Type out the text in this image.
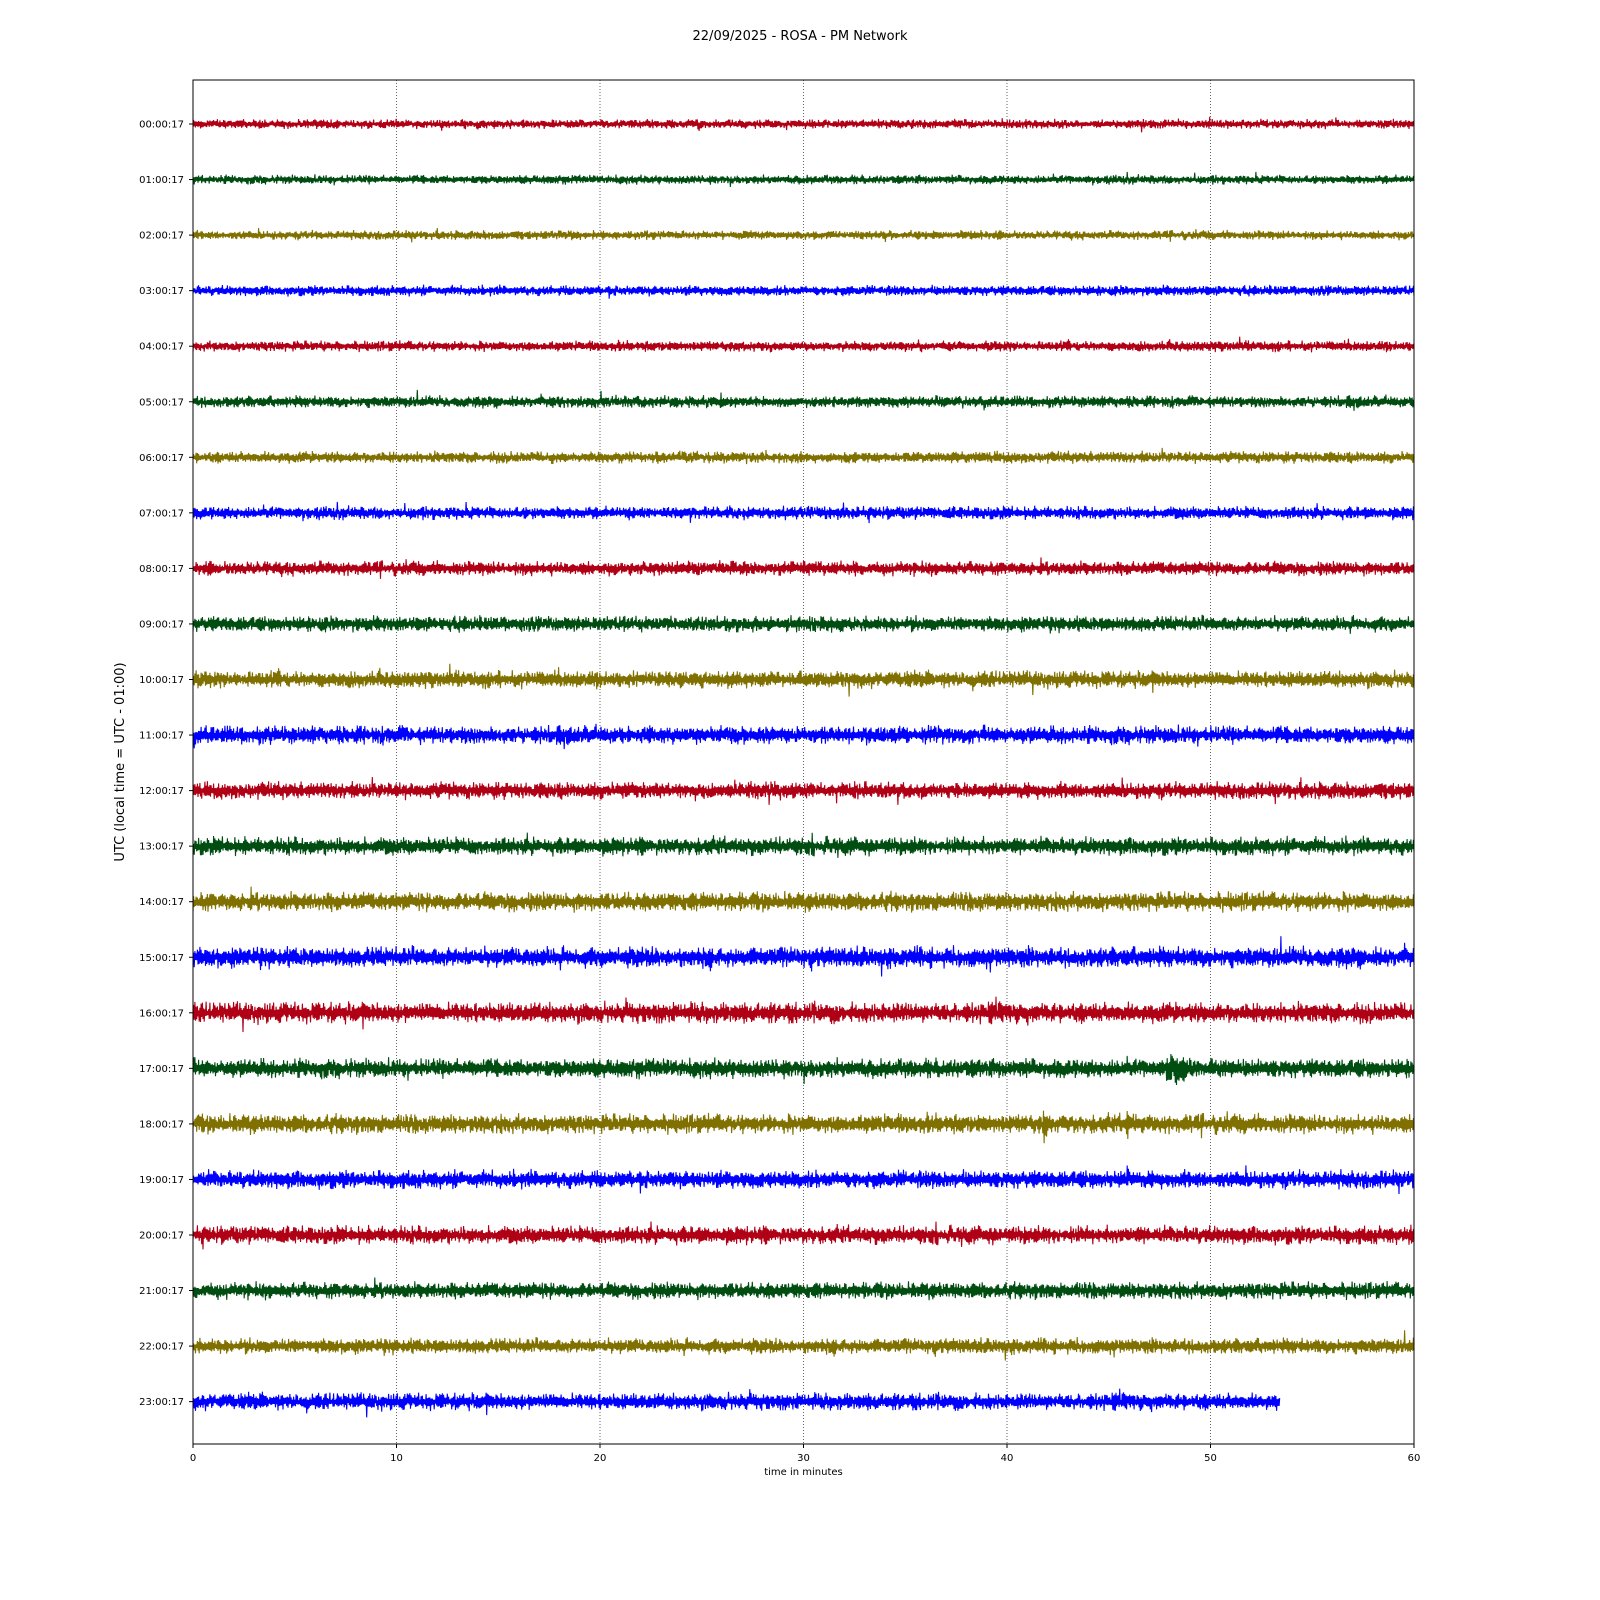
22/09/2025 - ROSA - PM Network
0	10	20	30	40	50	60
00:00:17
01:00:17
02:00:17
03:00:17
04:00:17
05:00:17
06:00:17
07:00:17
08:00:17
09:00:17
10:00:17
11:00:17
12:00:17
13:00:17
14:00:17
15:00:17
16:00:17
17:00:17
18:00:17
19:00:17
20:00:17
21:00:17
22:00:17
23:00:17
time in minutes
UTC (local time = UTC - 01:00)
